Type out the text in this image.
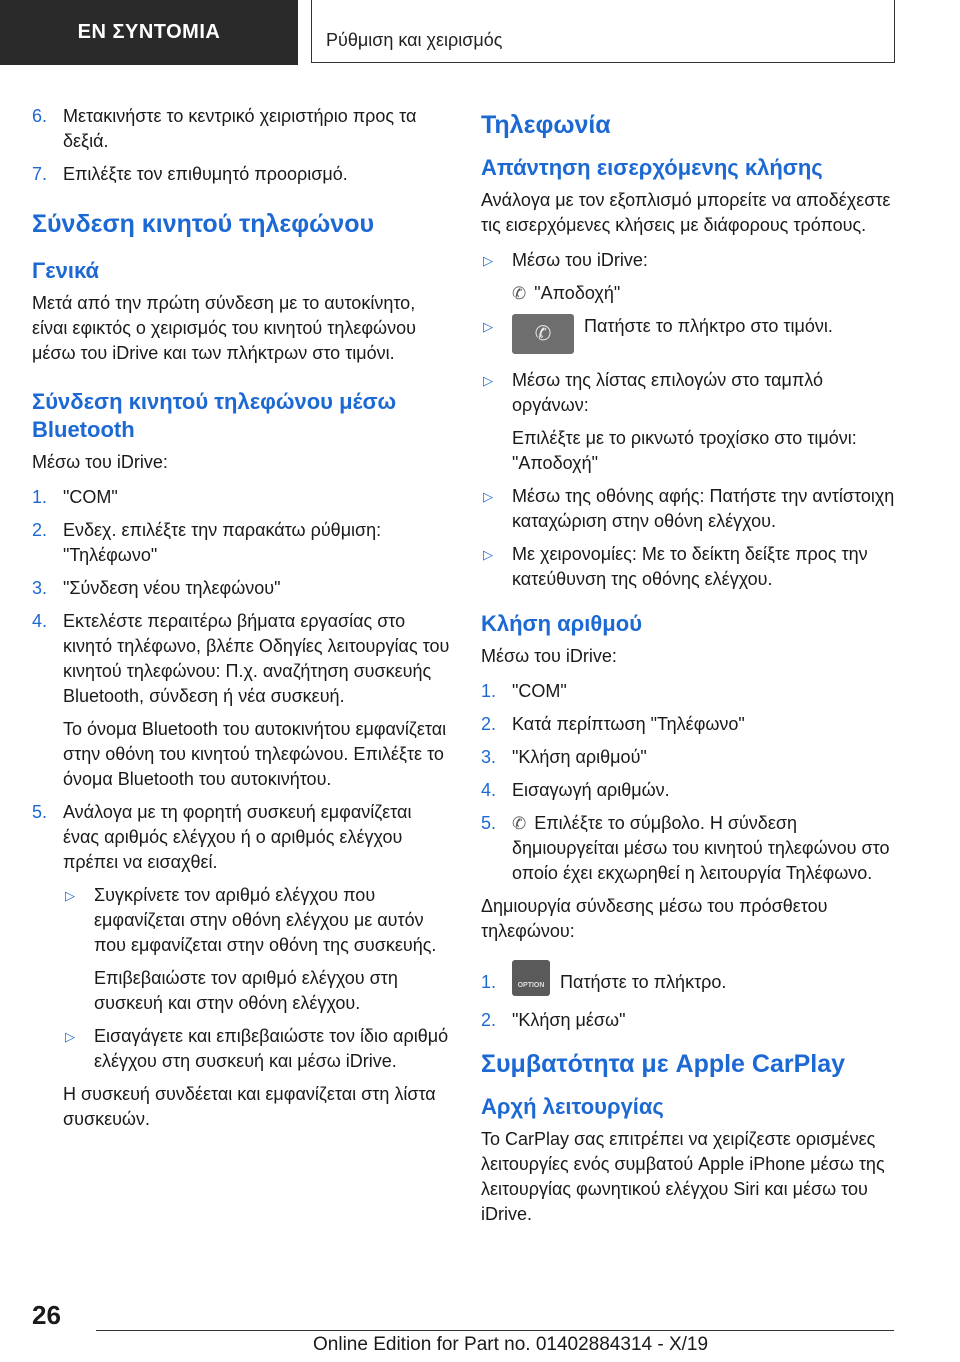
ΕΝ ΣΥΝΤΟΜΙΑ	Ρύθμιση και χειρισμός
6. Μετακινήστε το κεντρικό χειριστήριο προς τα δεξιά.
7. Επιλέξτε τον επιθυμητό προορισμό.
Σύνδεση κινητού τηλεφώνου
Γενικά

Μετά από την πρώτη σύνδεση με το αυτοκίνητο, είναι εφικτός ο χειρισμός του κινητού τηλεφώνου μέσω του iDrive και των πλήκτρων στο τιμόνι.

Σύνδεση κινητού τηλεφώνου μέσω Bluetooth

Μέσω του iDrive:

1. "COM"
2. Ενδεχ. επιλέξτε την παρακάτω ρύθμιση: "Τηλέφωνο"
3. "Σύνδεση νέου τηλεφώνου"
4. Εκτελέστε περαιτέρω βήματα εργασίας στο κινητό τηλέφωνο, βλέπε Οδηγίες λειτουργίας του κινητού τηλεφώνου: Π.χ. αναζήτηση συσκευής Bluetooth, σύνδεση ή νέα συσκευή.
Το όνομα Bluetooth του αυτοκινήτου εμφανίζεται στην οθόνη του κινητού τηλεφώνου. Επιλέξτε το όνομα Bluetooth του αυτοκινήτου.
5. Ανάλογα με τη φορητή συσκευή εμφανίζεται ένας αριθμός ελέγχου ή ο αριθμός ελέγχου πρέπει να εισαχθεί.
▷ Συγκρίνετε τον αριθμό ελέγχου που εμφανίζεται στην οθόνη ελέγχου με αυτόν που εμφανίζεται στην οθόνη της συσκευής.
Επιβεβαιώστε τον αριθμό ελέγχου στη συσκευή και στην οθόνη ελέγχου.
▷ Εισαγάγετε και επιβεβαιώστε τον ίδιο αριθμό ελέγχου στη συσκευή και μέσω iDrive.

Η συσκευή συνδέεται και εμφανίζεται στη λίστα συσκευών.

Τηλεφωνία
Απάντηση εισερχόμενης κλήσης

Ανάλογα με τον εξοπλισμό μπορείτε να αποδέχεστε τις εισερχόμενες κλήσεις με διάφορους τρόπους.

▷ Μέσω του iDrive:
✆ "Αποδοχή"
▷	✆	Πατήστε το πλήκτρο στο τιμόνι.
▷ Μέσω της λίστας επιλογών στο ταμπλό οργάνων:
Επιλέξτε με το ρικνωτό τροχίσκο στο τιμόνι: "Αποδοχή"
▷ Μέσω της οθόνης αφής: Πατήστε την αντίστοιχη καταχώριση στην οθόνη ελέγχου.
▷ Με χειρονομίες: Με το δείκτη δείξτε προς την κατεύθυνση της οθόνης ελέγχου.
Κλήση αριθμού

Μέσω του iDrive:

1. "COM"
2. Κατά περίπτωση "Τηλέφωνο"
3. "Κλήση αριθμού"
4. Εισαγωγή αριθμών.
5. ✆ Επιλέξτε το σύμβολο. Η σύνδεση δημιουργείται μέσω του κινητού τηλεφώνου στο οποίο έχει εκχωρηθεί η λειτουργία Τηλέφωνο.

Δημιουργία σύνδεσης μέσω του πρόσθετου τηλεφώνου:

1.	OPTION Πατήστε το πλήκτρο.
2. "Κλήση μέσω"
Συμβατότητα με Apple CarPlay
Αρχή λειτουργίας

Το CarPlay σας επιτρέπει να χειρίζεστε ορισμένες λειτουργίες ενός συμβατού Apple iPhone μέσω της λειτουργίας φωνητικού ελέγχου Siri και μέσω του iDrive.

26
Online Edition for Part no. 01402884314 - X/19
